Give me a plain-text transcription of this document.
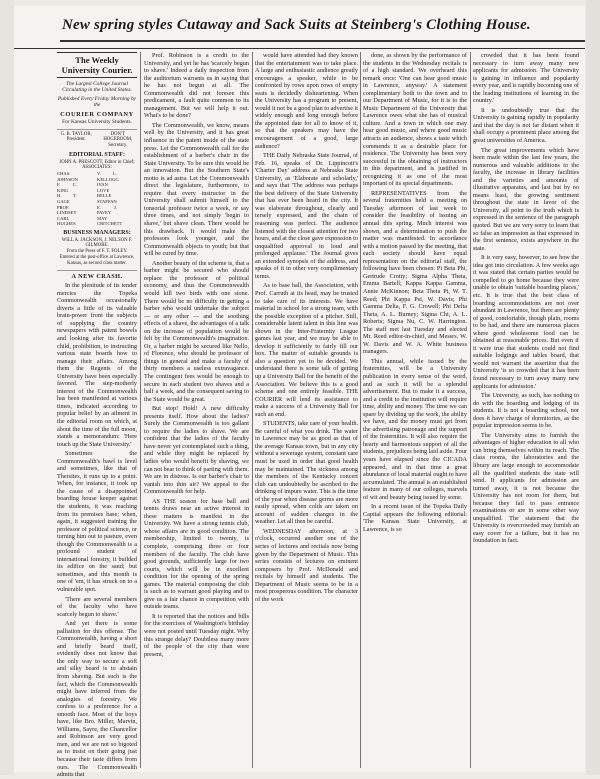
New spring styles Cutaway and Sack Suits at Steinberg's Clothing House.
The Weekly University Courier.
The Largest College Journal Circulating in the United States.
Published Every Friday Morning by the
COURIER COMPANY
For Kansas University Students.
G. B. TAYLOR, President.
DON'T HOGEBOOM, Secretary.
EDITORIAL STAFF:
JOHN A. PRESCOTT, Editor in Chief;
ASSOCIATES:
CHAS. JOHNSON
F. C. KING
H. T. GAGE
PROF. LINDSEY
CARL HUGHES
V. L. KELLOGG
IVAN LOVE
BELLE STAFFAN
E. J. PAVEY
MAY CRITCHETT
BUSINESS MANAGERS:
WILL A. JACKSON, J. NELSON F. GILMORE.
From the Press of F. T. FOLEY.
Entered at the post-office at Lawrence, Kansas, as second class matter.
A NEW CRASH.

In the plenitude of its tender mercies the Topeka Commonwealth occasionally diverts a little of its valuable brain-power from the subjects of supplying the country newspapers with patent bowels and looking after its favorite child, prohibition, to instructing various state boards how to manage their affairs. Among them the Regents of the University have been especially favored. The step-motherly interest of the Commonwealth has been manifested at various times, indicated according to popular belief by an ailment in the editorial room on which, at about the time of the full moon, stands a memorandum: 'Here touch up the State University.'

Sometimes the Commonwealth's bawl is level and sometimes, like that of Thersites, it runs up to a point. When, for instance, it took up the cause of a disappointed boarding house keeper against the students, it was reaching from its premises base; when, again, it suggested training the professor of political science, or turning him out to pasture, even though the Commonwealth is a profound student of international forestry, it builded its edifice on the sand; but sometimes, and this month is one of 'em, it has struck on to a vulnerable spot.

'There are several members of the faculty who have scarcely begun to shave.'

And yet there is some palliation for this offense. The Commonwealth, having a short and briefly beard itself, evidently does not know that the only way to secure a soft and silky beard is to abstain from shaving. But such is the fact, which the Commonwealth might have inferred from the analogies of forestry. We confess to a preference for a smooth face. Most of the boys have, like Bro. Miller, Marvin, Williams, Sayre, the Chancellor and Robinson are very good men, and we are not so bigoted as to insist on their going just because their taste differs from ours. The Commonwealth admits that

Prof. Robinson is a credit to the University, and yet he has 'scarcely begun to shave.' Indeed a daily inspection from the auditorium warrants us in saying that he has not begun at all. The Commonwealth did not foresee this predicament, a fault quite common to its management. But we will help it out. What's to be done?

The Commonwealth, we know, means well by the University, and it has great influence in the patent inside of the state press. Let the Commonwealth call for the establishment of a barber's chair in the State University. To be sure this would be an innovation. But the Southern State's motto is ad astra. Let the Commonwealth direct the legislature, furthermore, to require that every instructor in the University shall submit himself to the tonsorial professor twice a week, or say three times, and not simply 'begin to shave,' but shave clean. There would be this drawback. It would make the professors look younger, and the Commonwealth objects to youth; but that will be cured by time.

Another beauty of the scheme is, that a barber might be secured who should replace the professor of political economy, and thus the Commonwealth would kill two birds with one stone. There would be no difficulty in getting a barber who would undertake the subject — or any other — and the soothing effects of a shave, the advantages of a talk on the increase of population would be felt by the Commonwealth's imagination. Or, a barber might be secured like Nello, of Florence, who should be professor of things in general and make a faculty of thirty members a useless extravagance. The contingent fees would be enough to secure in each student two shaves and a half a week, and the consequent saving to the State would be great.

But stop! Hold! A new difficulty presents itself. How about the ladies? Surely the Commonwealth is too gallant to require the ladies to shave. We are confident that the ladies of the faculty have never yet contemplated such a thing, and while they might be replaced by ladies who would benefit by shaving, we can not bear to think of parting with them. We are in distress. Is our barber's chair to vanish into thin air? We appeal to the Commonwealth for help.

AS THE season for base ball and tennis draws near an active interest in these matters is manifest in the University. We have a strong tennis club, whose affairs are in good condition. The membership, limited to twenty, is complete, comprising three or four members of the faculty. The club have good grounds, sufficiently large for two courts, which will be in excellent condition for the opening of the spring games. The material composing the club is such as to warrant good playing and to give us a fair chance in competition with outside teams.

It is reported that the notices and bills for the exercises of Washington's birthday were not posted until Tuesday night. Why this strange delay? Doubtless many more of the people of the city than were present,

would have attended had they known that the entertainment was to take place. A large and enthusiastic audience greatly encourages a speaker, while to be confronted by rows upon rows of empty seats is decidedly disheartening. When the University has a program to present, would it not be a good plan to advertise it widely enough and long enough before the appointed date for all to know of it, so that the speakers may have the encouragement of a good, large audience?

THE Daily Nebraska State Journal, of Feb. 16, speaks of Dr. Lippincott's 'Charter Day' address at Nebraska State University, as 'Elaborate and scholarly,' and says that 'The address was perhaps the best delivery of the State University that has ever been heard in the city. It was elaborate throughout, clearly and tersely expressed, and the chain of reasoning was perfect. The audience listened with the closest attention for two hours, and at the close gave expression to unqualified approval in loud and prolonged applause.' The Journal gives an extended synopsis of the address, and speaks of it in other very complimentary terms.

As to base ball, the Association, with Prof. Carruth at its head, may be trusted to take care of its interests. We have material in school for a strong team, with the possible exception of a pitcher. Still, considerable latent talent in this line was shown in the Inter-Fraternity League games last year, and we may be able to develop it sufficiently to fairly fill our box. The matter of suitable grounds is also a question yet to be decided. We understand there is some talk of getting up a University Ball for the benefit of the Association. We believe this is a good scheme and one entirely feasible. THE COURIER will lend its assistance to make a success of a University Ball for such an end.

STUDENTS, take care of your health. Be careful of what you drink. The water in Lawrence may be as good as that of the average Kansas town, but in any city without a sewerage system, constant care must be used in order that good health may be maintained. The sickness among the members of the Kentucky concert club can undoubtedly be ascribed to the drinking of impure water. This is the time of the year when disease germs are more easily spread, when colds are taken on account of sudden changes in the weather. Let all then be careful.

WEDNESDAY afternoon, at 3 o'clock, occurred another one of the series of lectures and recitals now being given by the Department of Music. This series consists of lectures on eminent composers by Prof. McDonald and recitals by himself and students. The Department of Music seems to be in a most prosperous condition. The character of the work

done, as shown by the performance of the students in the Wednesday recitals is of a high standard. We overheard this remark once: 'One can hear good music in Lawrence, anyway.' A statement complimentary both to the town and to our Department of Music, for it is to the Music Department of the University that Lawrence owes what she has of musical culture. And a town in which one may hear good music, and where good music attracts an audience, shows a taste which commends it as a desirable place for residence. The University has been very successful in the obtaining of instructors in this department, and is justified in recognizing it as one of the most important of its special departments.

REPRESENTATIVES from the several fraternities held a meeting on Tuesday afternoon of last week to consider the feasibility of issuing an annual this spring. Much interest was shown, and a determination to push the matter was manifested. In accordance with a motion passed by the meeting, that each society should have equal representation on the editorial staff, the following have been chosen: Pi Beta Phi, Gertrude Crotty; Sigma Alpha Theta, Emma Bartell; Kappa Kappa Gamma, Annie McKinnon; Beta Theta Pi, W. T. Reed; Phi Kappa Psi, W. Davis; Phi Gamma Delta, F. G. Crowell; Phi Delta Theta, A. L. Burney; Sigma Chi, A. L. Roberts; Sigma Nu, C. W. Harrington. The staff met last Tuesday and elected Mr. Reed editor-in-chief, and Messrs. W. W. Davis and W. A. White business managers.

This annual, while issued by the fraternities, will be a University publication in every sense of the word, and as such it will be a splendid advertisement. But to make it a success, and a credit to the institution will require time, ability and money. The time we can spare by dividing up the work, the ability we have, and the money must get from the advertising patronage and the support of the fraternities. It will also require the hearty and harmonious support of all the students, prejudices being laid aside. Four years have elapsed since the CICADA appeared, and in that time a great abundance of local material ought to have accumulated. The annual is an established feature in many of our colleges, marvels of wit and beauty being issued by some.

In a recent issue of the Topeka Daily Capital appears the following editorial: 'The Kansas State University, at Lawrence, is so

crowded that it has been found necessary to turn away many new applicants for admission. The University is gaining in influence and popularity every year, and is rapidly becoming one of the leading institutions of learning in the country.'

It is undoubtedly true that the University is gaining rapidly in popularity and that the day is not far distant when it shall occupy a prominent place among the great universities of America.

The great improvements which have been made within the last few years, the numerous and valuable additions to the faculty, the increase in library facilities and the varieties and amounts of illustrative apparatus, and last but by no means least, the growing sentiment throughout the state in favor of the University, all point to the truth which is expressed in the sentence of the paragraph quoted. But we are very sorry to learn that so false an impression as that expressed in the first sentence, exists anywhere in the state.

It is very easy, however, to see how the idea got into circulation. A few weeks ago it was stated that certain parties would be compelled to go home because they were unable to obtain 'suitable boarding places,' etc. It is true that the best class of boarding accommodations are not over abundant in Lawrence, but there are plenty of good, comfortable, though plain, rooms to be had, and there are numerous places where good wholesome food can be obtained at reasonable prices. But even if it were true that students could not find suitable lodgings and tables board, that would not warrant the assertion that the University 'is so crowded that it has been found necessary to turn away many new applicants for admission.'

The University, as such, has nothing to do with the boarding and lodging of its students. It is not a boarding school, nor does it have charge of dormitories, as the popular impression seems to be.

The University aims to furnish the advantages of higher education to all who can bring themselves within its reach. The class rooms, the laboratories and the library are large enough to accommodate all the qualified students the state will send. If applicants for admission are turned away, it is not because the University has not room for them, but because they fail to pass entrance examinations or are in some other way unqualified. The statement that the University is overcrowded may furnish an easy cover for a failure, but it has no foundation in fact.
